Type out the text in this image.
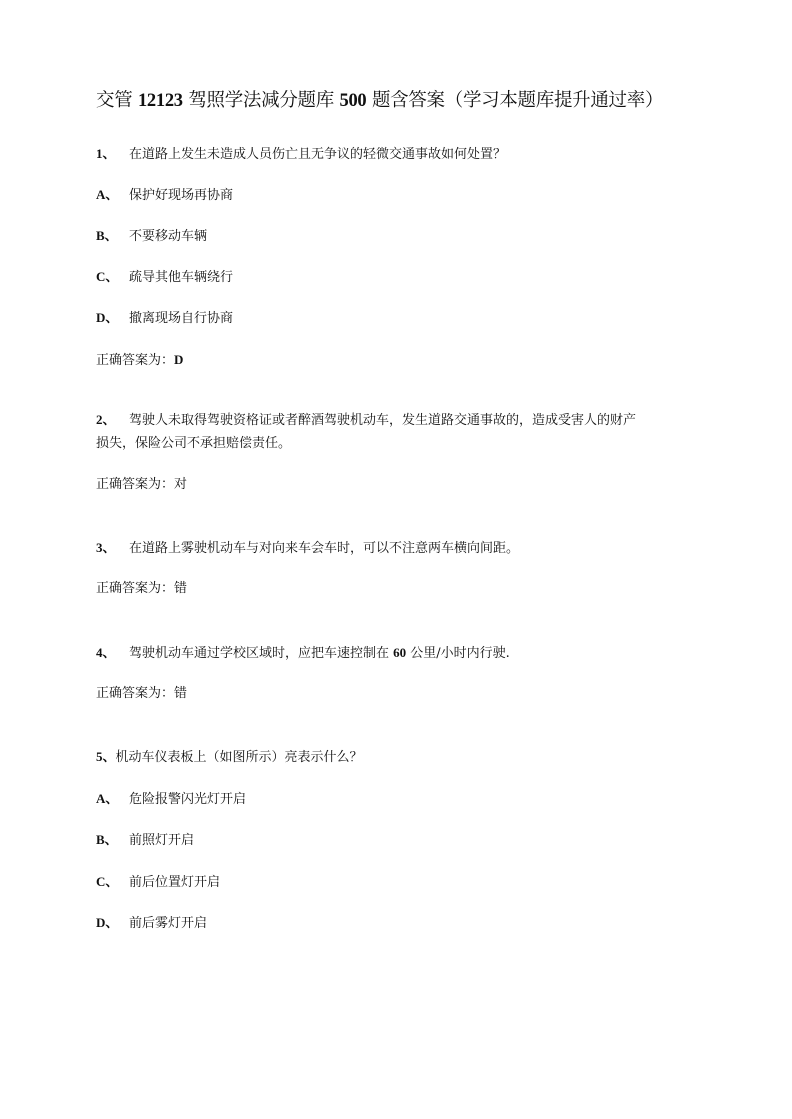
交管 12123 驾照学法减分题库 500 题含答案（学习本题库提升通过率）
1、 在道路上发生未造成人员伤亡且无争议的轻微交通事故如何处置？
A、 保护好现场再协商
B、 不要移动车辆
C、 疏导其他车辆绕行
D、 撤离现场自行协商
正确答案为：D
2、 驾驶人未取得驾驶资格证或者醉酒驾驶机动车，发生道路交通事故的，造成受害人的财产
损失，保险公司不承担赔偿责任。
正确答案为：对
3、 在道路上雾驶机动车与对向来车会车时，可以不注意两车横向间距。
正确答案为：错
4、 驾驶机动车通过学校区域时，应把车速控制在 60 公里/小时内行驶.
正确答案为：错
5、机动车仪表板上（如图所示）亮表示什么？
A、 危险报警闪光灯开启
B、 前照灯开启
C、 前后位置灯开启
D、 前后雾灯开启
